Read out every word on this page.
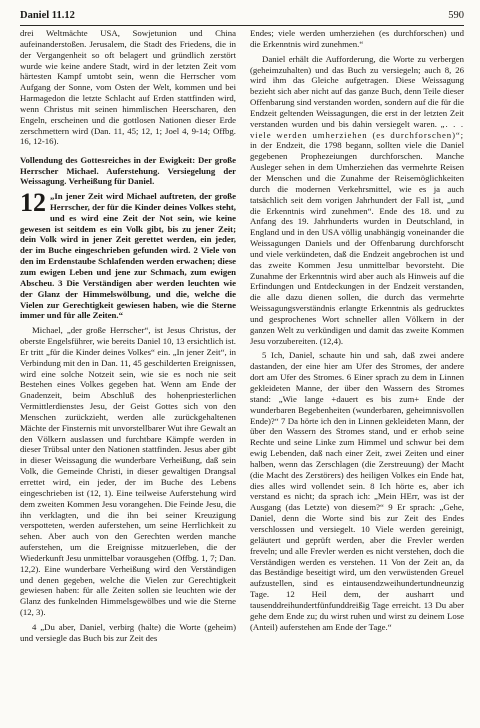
Daniel 11.12	590

drei Weltmächte USA, Sowjetunion und China aufeinanderstoßen. Jerusalem, die Stadt des Friedens, die in der Vergangenheit so oft belagert und gründlich zerstört wurde wie keine andere Stadt, wird in der letzten Zeit vom härtesten Kampf umtobt sein, wenn die Herrscher vom Aufgang der Sonne, vom Osten der Welt, kommen und bei Harmagedon die letzte Schlacht auf Erden stattfinden wird, wenn Christus mit seinen himmlischen Heerscharen, den Engeln, erscheinen und die gottlosen Nationen dieser Erde zerschmettern wird (Dan. 11, 45; 12, 1; Joel 4, 9-14; Offbg. 16, 12-16).

Vollendung des Gottesreiches in der Ewigkeit: Der große Herrscher Michael. Auferstehung. Versiegelung der Weissagung. Verheißung für Daniel.

12 „In jener Zeit wird Michael auftreten, der große Herrscher, der für die Kinder deines Volkes steht, und es wird eine Zeit der Not sein, wie keine gewesen ist seitdem es ein Volk gibt, bis zu jener Zeit; dein Volk wird in jener Zeit gerettet werden, ein jeder, der im Buche eingeschrieben gefunden wird. 2 Viele von den im Erdenstaube Schlafenden werden erwachen; diese zum ewigen Leben und jene zur Schmach, zum ewigen Abscheu. 3 Die Verständigen aber werden leuchten wie der Glanz der Himmelswölbung, und die, welche die Vielen zur Gerechtigkeit gewiesen haben, wie die Sterne immer und für alle Zeiten.“

Michael, „der große Herrscher“, ist Jesus Christus, der oberste Engelsführer, wie bereits Daniel 10, 13 ersichtlich ist. Er tritt „für die Kinder deines Volkes“ ein. „In jener Zeit“, in Verbindung mit den in Dan. 11, 45 geschilderten Ereignissen, wird eine solche Notzeit sein, wie sie es noch nie seit Bestehen eines Volkes gegeben hat. Wenn am Ende der Gnadenzeit, beim Abschluß des hohenpriesterlichen Vermittlerdienstes Jesu, der Geist Gottes sich von den Menschen zurückzieht, werden alle zurückgehaltenen Mächte der Finsternis mit unvorstellbarer Wut ihre Gewalt an den Völkern auslassen und furchtbare Kämpfe werden in dieser Trübsal unter den Nationen stattfinden. Jesus aber gibt in dieser Weissagung die wunderbare Verheißung, daß sein Volk, die Gemeinde Christi, in dieser gewaltigen Drangsal errettet wird, ein jeder, der im Buche des Lebens eingeschrieben ist (12, 1). Eine teilweise Auferstehung wird dem zweiten Kommen Jesu vorangehen. Die Feinde Jesu, die ihn verklagten, und die ihn bei seiner Kreuzigung verspotteten, werden auferstehen, um seine Herrlichkeit zu sehen. Aber auch von den Gerechten werden manche auferstehen, um die Ereignisse mitzuerleben, die der Wiederkunft Jesu unmittelbar vorausgehen (Offbg. 1, 7; Dan. 12,2). Eine wunderbare Verheißung wird den Verständigen und denen gegeben, welche die Vielen zur Gerechtigkeit gewiesen haben: für alle Zeiten sollen sie leuchten wie der Glanz des funkelnden Himmelsgewölbes und wie die Sterne (12, 3).

4 „Du aber, Daniel, verbirg (halte) die Worte (geheim) und versiegle das Buch bis zur Zeit des

Endes; viele werden umherziehen (es durchforschen) und die Erkenntnis wird zunehmen.“

Daniel erhält die Aufforderung, die Worte zu verbergen (geheimzuhalten) und das Buch zu versiegeln; auch 8, 26 wird ihm das Gleiche aufgetragen. Diese Weissagung bezieht sich aber nicht auf das ganze Buch, denn Teile dieser Offenbarung sind verstanden worden, sondern auf die für die Endzeit geltenden Weissagungen, die erst in der letzten Zeit verstanden wurden und bis dahin versiegelt waren. „. . . viele werden umherziehen (es durchforschen)“; in der Endzeit, die 1798 begann, sollten viele die Daniel gegebenen Prophezeiungen durchforschen. Manche Ausleger sehen in dem Umherziehen das vermehrte Reisen der Menschen und die Zunahme der Reisemöglichkeiten durch die modernen Verkehrsmittel, wie es ja auch tatsächlich seit dem vorigen Jahrhundert der Fall ist, „und die Erkenntnis wird zunehmen“. Ende des 18. und zu Anfang des 19. Jahrhunderts wurden in Deutschland, in England und in den USA völlig unabhängig voneinander die Weissagungen Daniels und der Offenbarung durchforscht und viele verkündeten, daß die Endzeit angebrochen ist und das zweite Kommen Jesu unmittelbar bevorsteht. Die Zunahme der Erkenntnis wird aber auch als Hinweis auf die Erfindungen und Entdeckungen in der Endzeit verstanden, die alle dazu dienen sollen, die durch das vermehrte Weissagungsverständnis erlangte Erkenntnis als gedrucktes und gesprochenes Wort schneller allen Völkern in der ganzen Welt zu verkündigen und damit das zweite Kommen Jesu vorzubereiten. (12,4).

5 Ich, Daniel, schaute hin und sah, daß zwei andere dastanden, der eine hier am Ufer des Stromes, der andere dort am Ufer des Stromes. 6 Einer sprach zu dem in Linnen gekleideten Manne, der über den Wassern des Stromes stand: „Wie lange +dauert es bis zum+ Ende der wunderbaren Begebenheiten (wunderbaren, geheimnisvollen Ende)?“ 7 Da hörte ich den in Linnen gekleideten Mann, der über den Wassern des Stromes stand, und er erhob seine Rechte und seine Linke zum Himmel und schwur bei dem ewig Lebenden, daß nach einer Zeit, zwei Zeiten und einer halben, wenn das Zerschlagen (die Zerstreuung) der Macht (die Macht des Zerstörers) des heiligen Volkes ein Ende hat, dies alles wird vollendet sein. 8 Ich hörte es, aber ich verstand es nicht; da sprach ich: „Mein HErr, was ist der Ausgang (das Letzte) von diesem?“ 9 Er sprach: „Gehe, Daniel, denn die Worte sind bis zur Zeit des Endes verschlossen und versiegelt. 10 Viele werden gereinigt, geläutert und geprüft werden, aber die Frevler werden freveln; und alle Frevler werden es nicht verstehen, doch die Verständigen werden es verstehen. 11 Von der Zeit an, da das Beständige beseitigt wird, um den verwüstenden Greuel aufzustellen, sind es eintausendzweihundertundneunzig Tage. 12 Heil dem, der ausharrt und tausenddreihundertfünfunddreißig Tage erreicht. 13 Du aber gehe dem Ende zu; du wirst ruhen und wirst zu deinem Lose (Anteil) auferstehen am Ende der Tage.“
